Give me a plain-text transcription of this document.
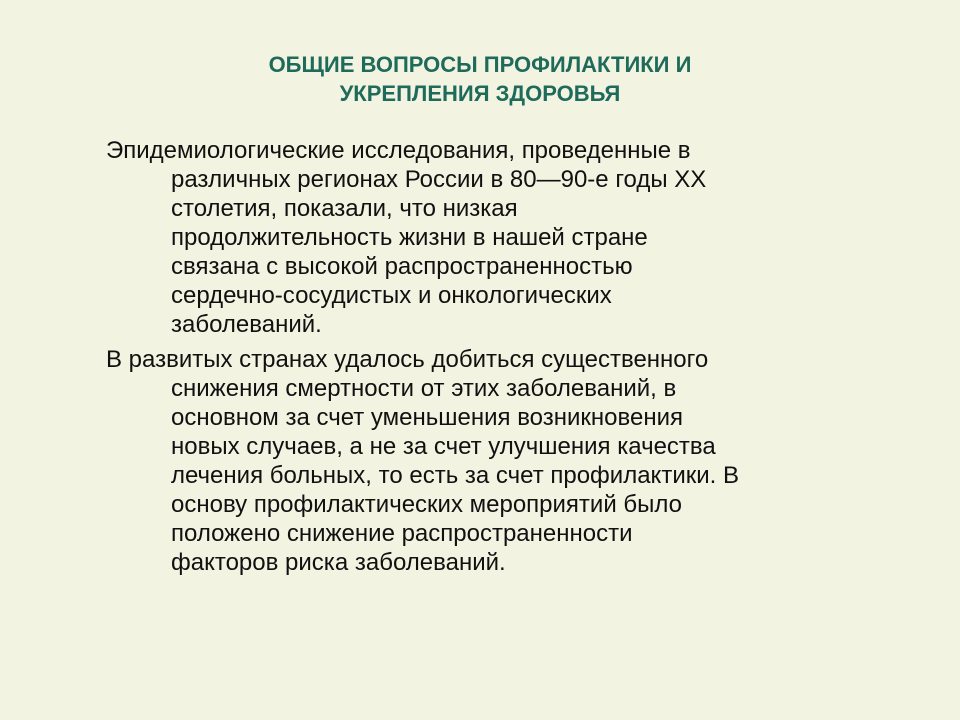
ОБЩИЕ ВОПРОСЫ ПРОФИЛАКТИКИ И
УКРЕПЛЕНИЯ ЗДОРОВЬЯ

Эпидемиологические исследования, проведенные в
различных регионах России в 80—90-е годы XX
столетия, показали, что низкая
продолжительность жизни в нашей стране
связана с высокой распространенностью
сердечно-сосудистых и онкологических
заболеваний.

В развитых странах удалось добиться существенного
снижения смертности от этих заболеваний, в
основном за счет уменьшения возникновения
новых случаев, а не за счет улучшения качества
лечения больных, то есть за счет профилактики. В
основу профилактических мероприятий было
положено снижение распространенности
факторов риска заболеваний.
